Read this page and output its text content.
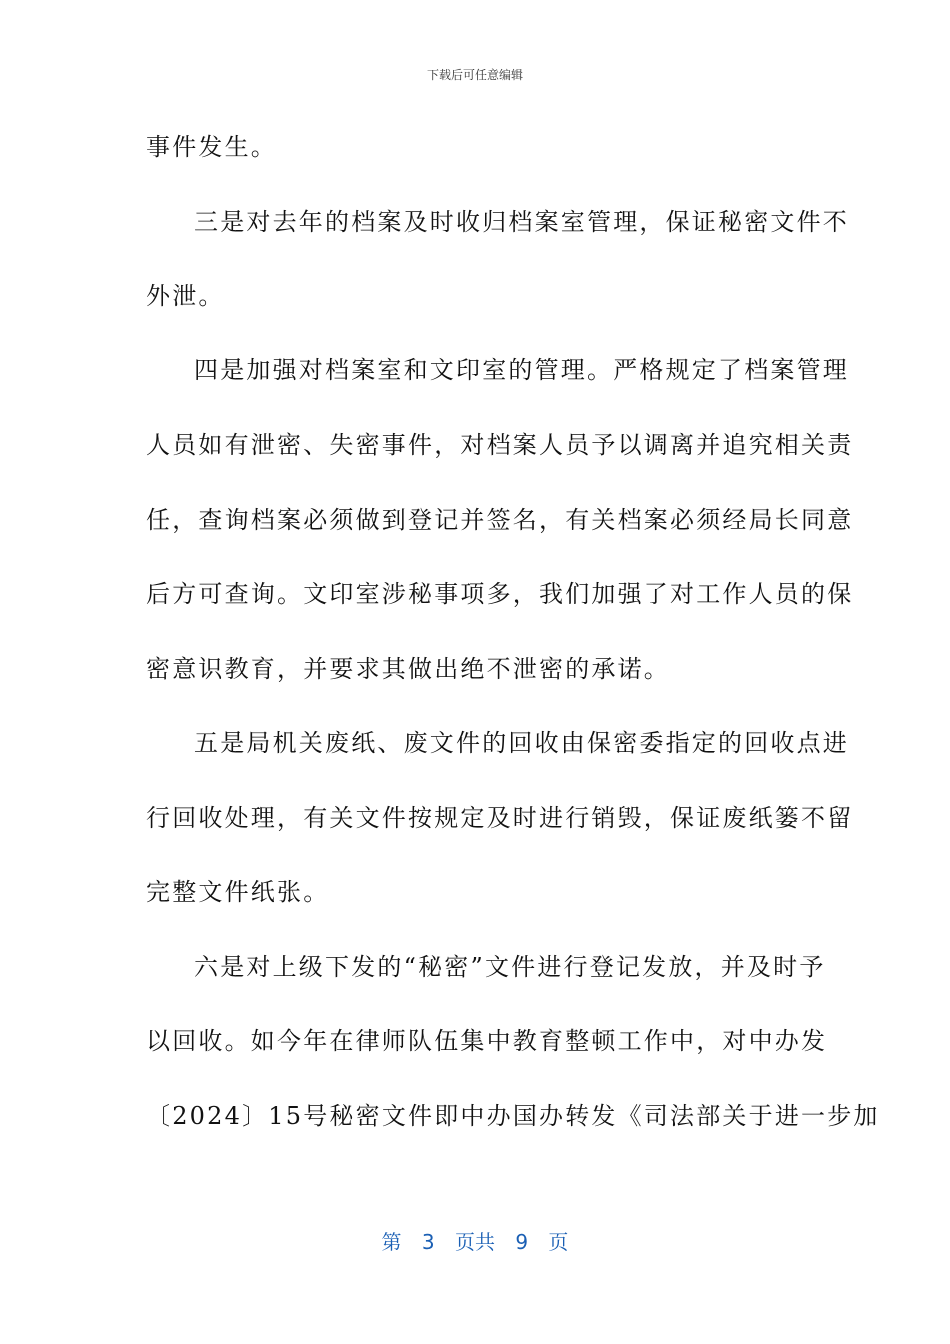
下载后可任意编辑
事件发生。
三是对去年的档案及时收归档案室管理，保证秘密文件不
外泄。
四是加强对档案室和文印室的管理。严格规定了档案管理
人员如有泄密、失密事件，对档案人员予以调离并追究相关责
任，查询档案必须做到登记并签名，有关档案必须经局长同意
后方可查询。文印室涉秘事项多，我们加强了对工作人员的保
密意识教育，并要求其做出绝不泄密的承诺。
五是局机关废纸、废文件的回收由保密委指定的回收点进
行回收处理，有关文件按规定及时进行销毁，保证废纸篓不留
完整文件纸张。
六是对上级下发的“秘密”文件进行登记发放，并及时予
以回收。如今年在律师队伍集中教育整顿工作中，对中办发
〔2024〕15号秘密文件即中办国办转发《司法部关于进一步加
第 3 页共 9 页
